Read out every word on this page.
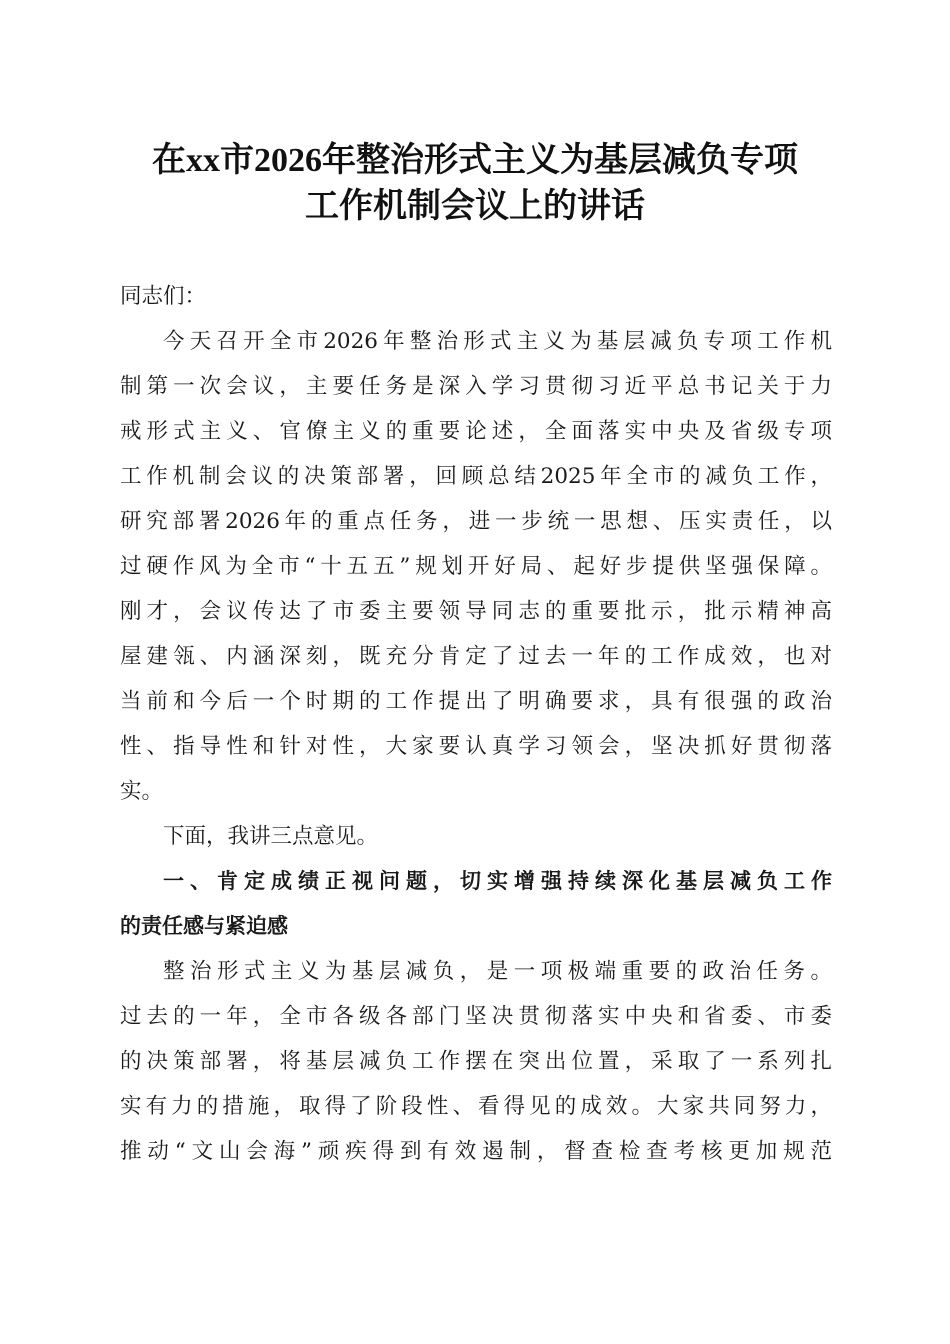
在xx市2026年整治形式主义为基层减负专项
工作机制会议上的讲话
同志们：
今天召开全市2026年整治形式主义为基层减负专项工作机
制第一次会议，主要任务是深入学习贯彻习近平总书记关于力
戒形式主义、官僚主义的重要论述，全面落实中央及省级专项
工作机制会议的决策部署，回顾总结2025年全市的减负工作，
研究部署2026年的重点任务，进一步统一思想、压实责任，以
过硬作风为全市“十五五”规划开好局、起好步提供坚强保障。
刚才，会议传达了市委主要领导同志的重要批示，批示精神高
屋建瓴、内涵深刻，既充分肯定了过去一年的工作成效，也对
当前和今后一个时期的工作提出了明确要求，具有很强的政治
性、指导性和针对性，大家要认真学习领会，坚决抓好贯彻落
实。
下面，我讲三点意见。
一、肯定成绩正视问题，切实增强持续深化基层减负工作
的责任感与紧迫感
整治形式主义为基层减负，是一项极端重要的政治任务。
过去的一年，全市各级各部门坚决贯彻落实中央和省委、市委
的决策部署，将基层减负工作摆在突出位置，采取了一系列扎
实有力的措施，取得了阶段性、看得见的成效。大家共同努力，
推动“文山会海”顽疾得到有效遏制，督查检查考核更加规范
